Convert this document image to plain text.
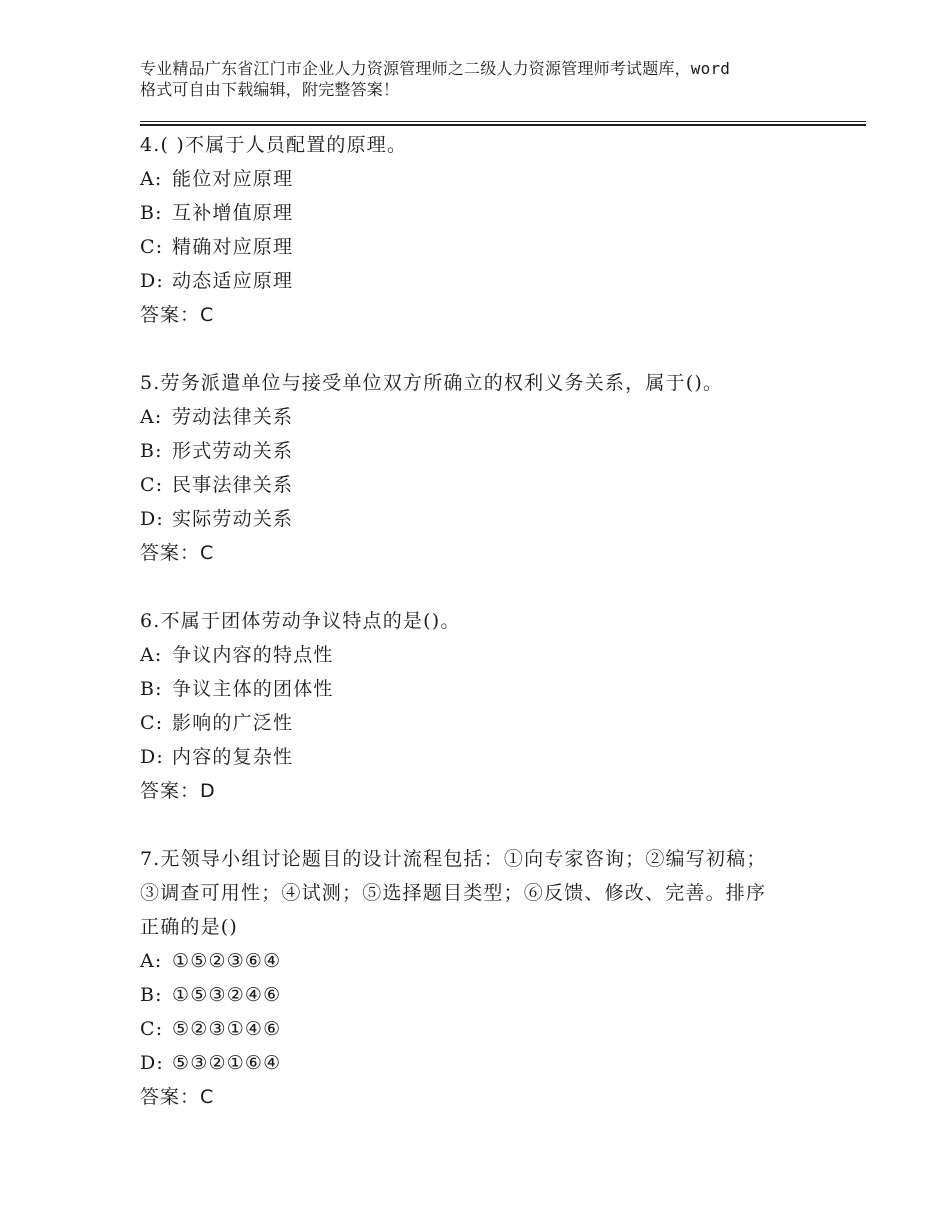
专业精品广东省江门市企业人力资源管理师之二级人力资源管理师考试题库，word
格式可自由下载编辑，附完整答案！

4.( )不属于人员配置的原理。

A: 能位对应原理
B: 互补增值原理
C: 精确对应原理
D: 动态适应原理

答案：C

5.劳务派遣单位与接受单位双方所确立的权利义务关系，属于()。

A: 劳动法律关系
B: 形式劳动关系
C: 民事法律关系
D: 实际劳动关系

答案：C

6.不属于团体劳动争议特点的是()。

A: 争议内容的特点性
B: 争议主体的团体性
C: 影响的广泛性
D: 内容的复杂性

答案：D

7.无领导小组讨论题目的设计流程包括：①向专家咨询；②编写初稿；③调查可用性；④试测；⑤选择题目类型；⑥反馈、修改、完善。排序正确的是()

A: ①⑤②③⑥④
B: ①⑤③②④⑥
C: ⑤②③①④⑥
D: ⑤③②①⑥④

答案：C
